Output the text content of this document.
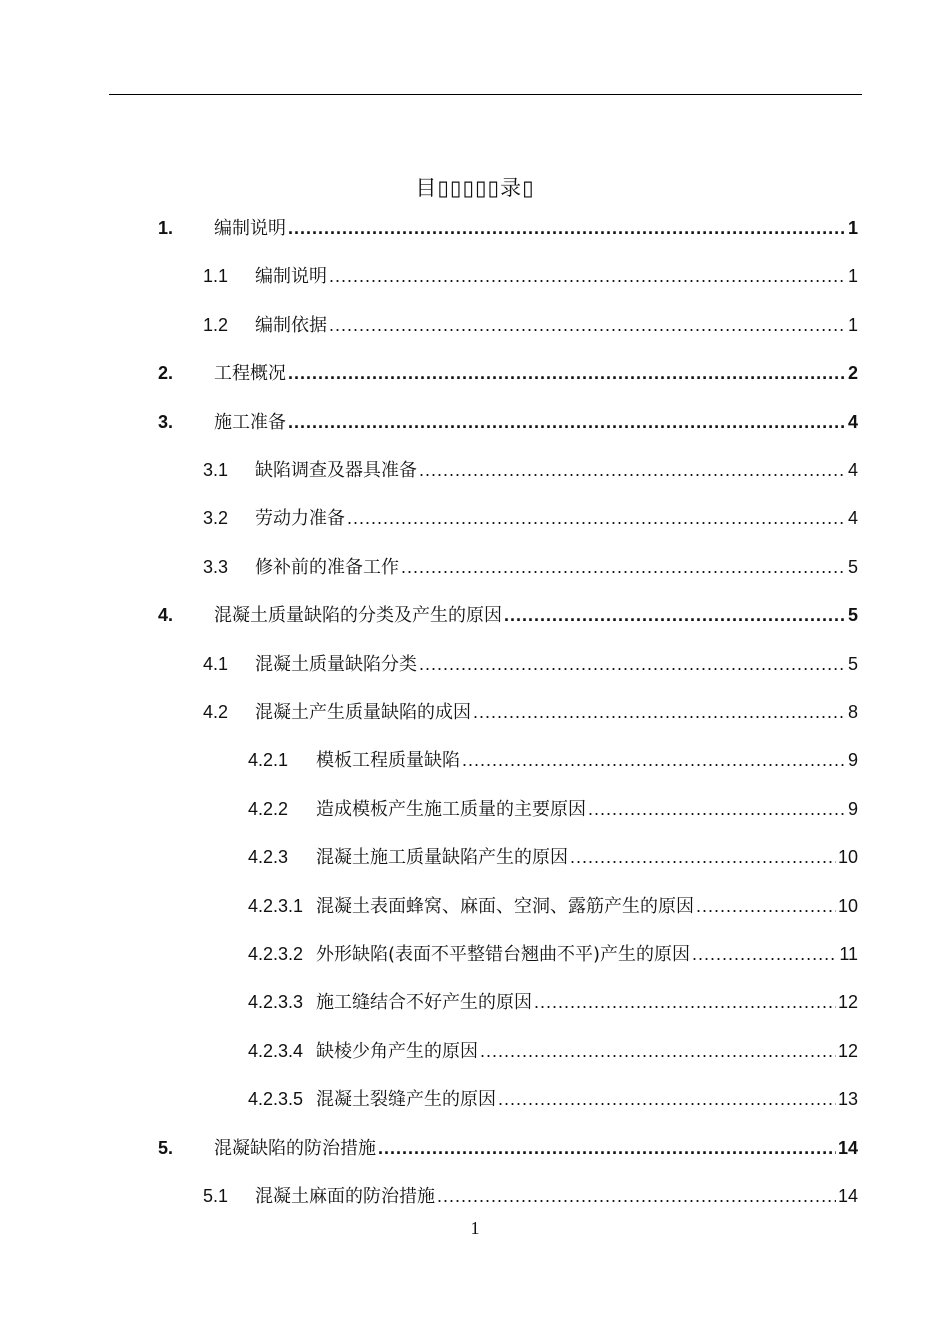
目▯▯▯▯▯录▯
1.	编制说明 .....	1
1.1	编制说明 .....	1
1.2	编制依据 .....	1
2.	工程概况 .....	2
3.	施工准备 .....	4
3.1	缺陷调查及器具准备 .....	4
3.2	劳动力准备 .....	4
3.3	修补前的准备工作 .....	5
4.	混凝土质量缺陷的分类及产生的原因 .....	5
4.1	混凝土质量缺陷分类 .....	5
4.2	混凝土产生质量缺陷的成因 .....	8
4.2.1	模板工程质量缺陷 .....	9
4.2.2	造成模板产生施工质量的主要原因 .....	9
4.2.3	混凝土施工质量缺陷产生的原因 .....	10
4.2.3.1 混凝土表面蜂窝、麻面、空洞、露筋产生的原因 .....	10
4.2.3.2 外形缺陷(表面不平整错台翘曲不平)产生的原因 .....	11
4.2.3.3 施工缝结合不好产生的原因 .....	12
4.2.3.4 缺棱少角产生的原因 .....	12
4.2.3.5 混凝土裂缝产生的原因 .....	13
5.	混凝缺陷的防治措施 .....	14
5.1	混凝土麻面的防治措施 .....	14
1
